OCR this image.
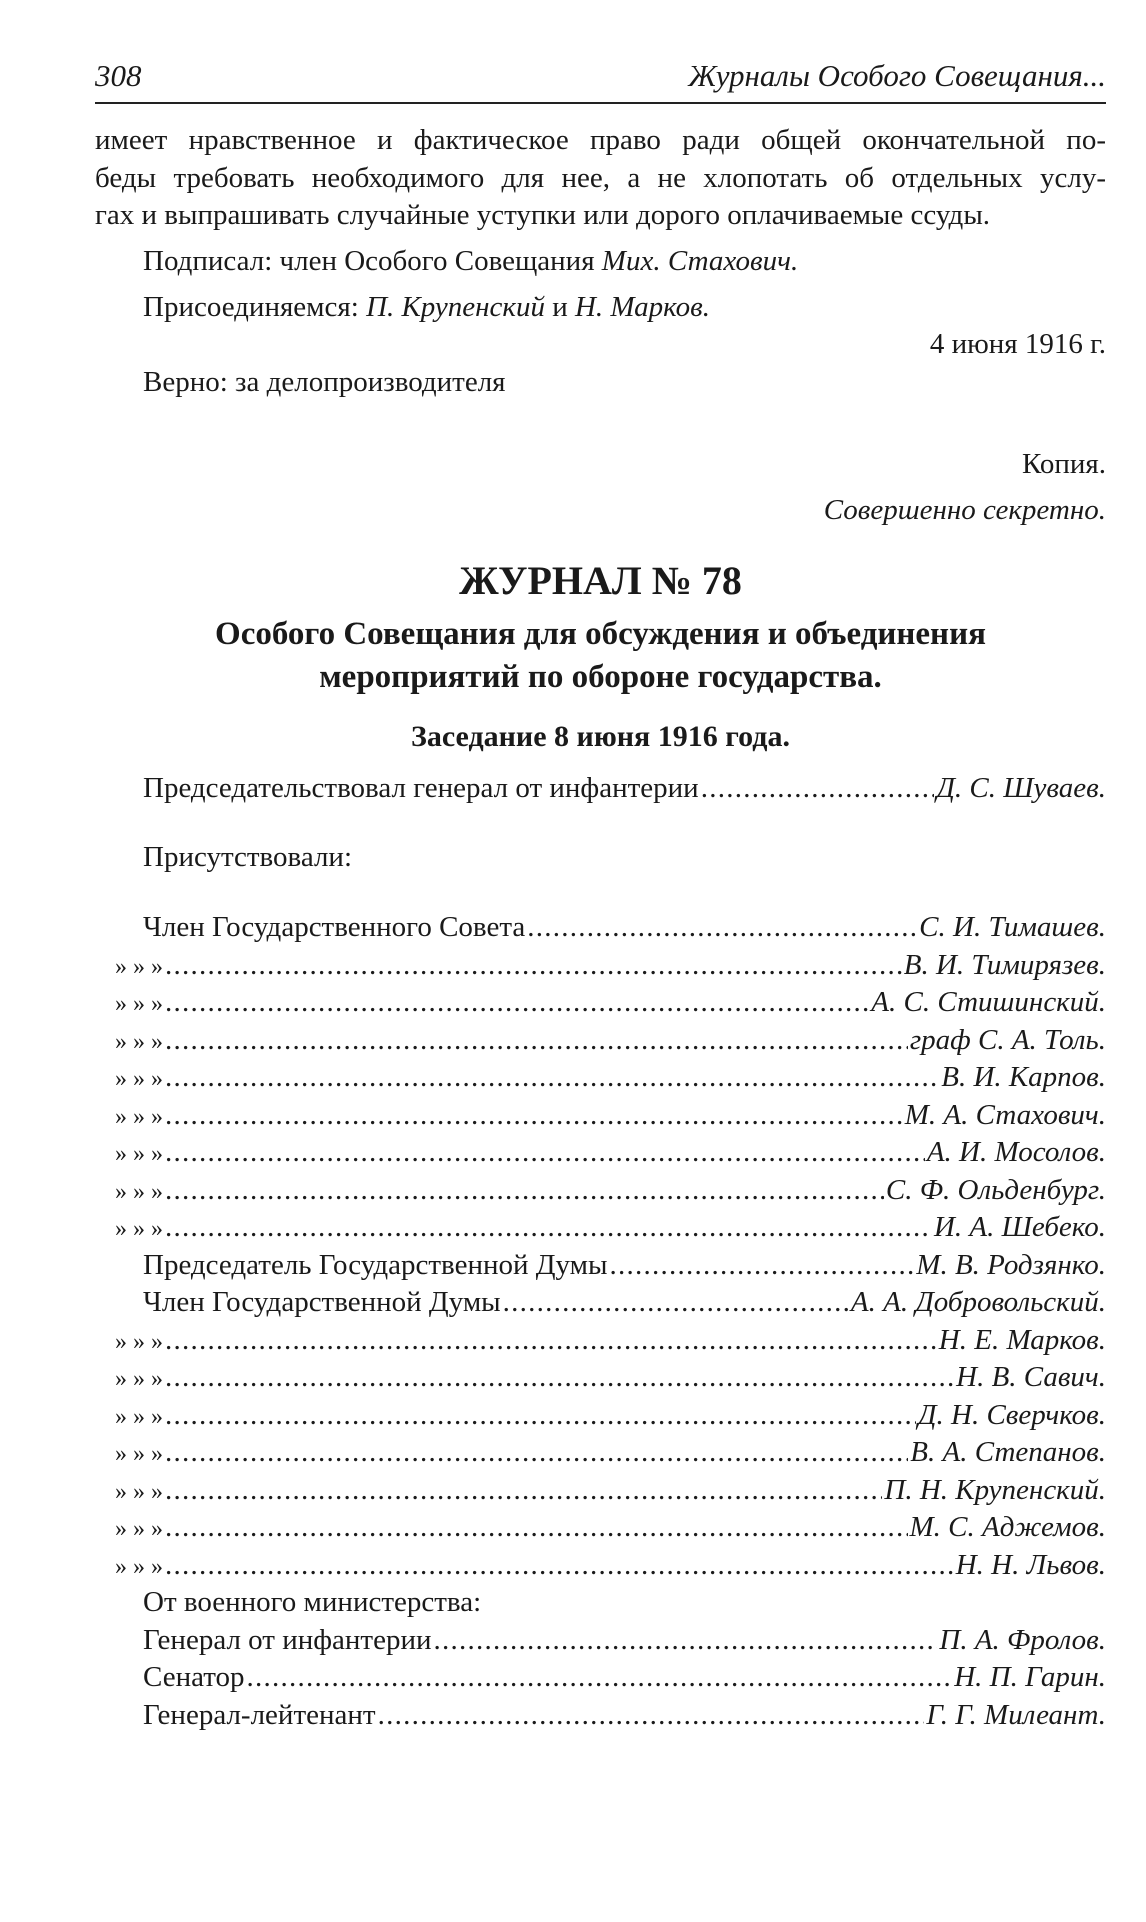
308	Журналы Особого Совещания...

имеет нравственное и фактическое право ради общей окончательной по-

беды требовать необходимого для нее, а не хлопотать об отдельных услу-

гах и выпрашивать случайные уступки или дорого оплачиваемые ссуды.

Подписал: член Особого Совещания Мих. Стахович.

Присоединяемся: П. Крупенский и Н. Марков.

4 июня 1916 г.

Верно: за делопроизводителя

Копия.

Совершенно секретно.

ЖУРНАЛ № 78

Особого Совещания для обсуждения и объединения

мероприятий по обороне государства.

Заседание 8 июня 1916 года.

Председательствовал генерал от инфантерии . . .	Д. С. Шуваев.

Присутствовали:

Член Государственного Совета . . .	С. И. Тимашев.
» » » . . .	В. И. Тимирязев.
» » » . . .	А. С. Стишинский.
» » » . . .	граф С. А. Толь.
» » » . . .	В. И. Карпов.
» » » . . .	М. А. Стахович.
» » » . . .	А. И. Мосолов.
» » » . . .	С. Ф. Ольденбург.
» » » . . .	И. А. Шебеко.
Председатель Государственной Думы . . .	М. В. Родзянко.
Член Государственной Думы . . .	А. А. Добровольский.
» » » . . .	Н. Е. Марков.
» » » . . .	Н. В. Савич.
» » » . . .	Д. Н. Сверчков.
» » » . . .	В. А. Степанов.
» » » . . .	П. Н. Крупенский.
» » » . . .	М. С. Аджемов.
» » » . . .	Н. Н. Львов.

От военного министерства:

Генерал от инфантерии . . .	П. А. Фролов.
Сенатор . . .	Н. П. Гарин.
Генерал-лейтенант . . .	Г. Г. Милеант.
